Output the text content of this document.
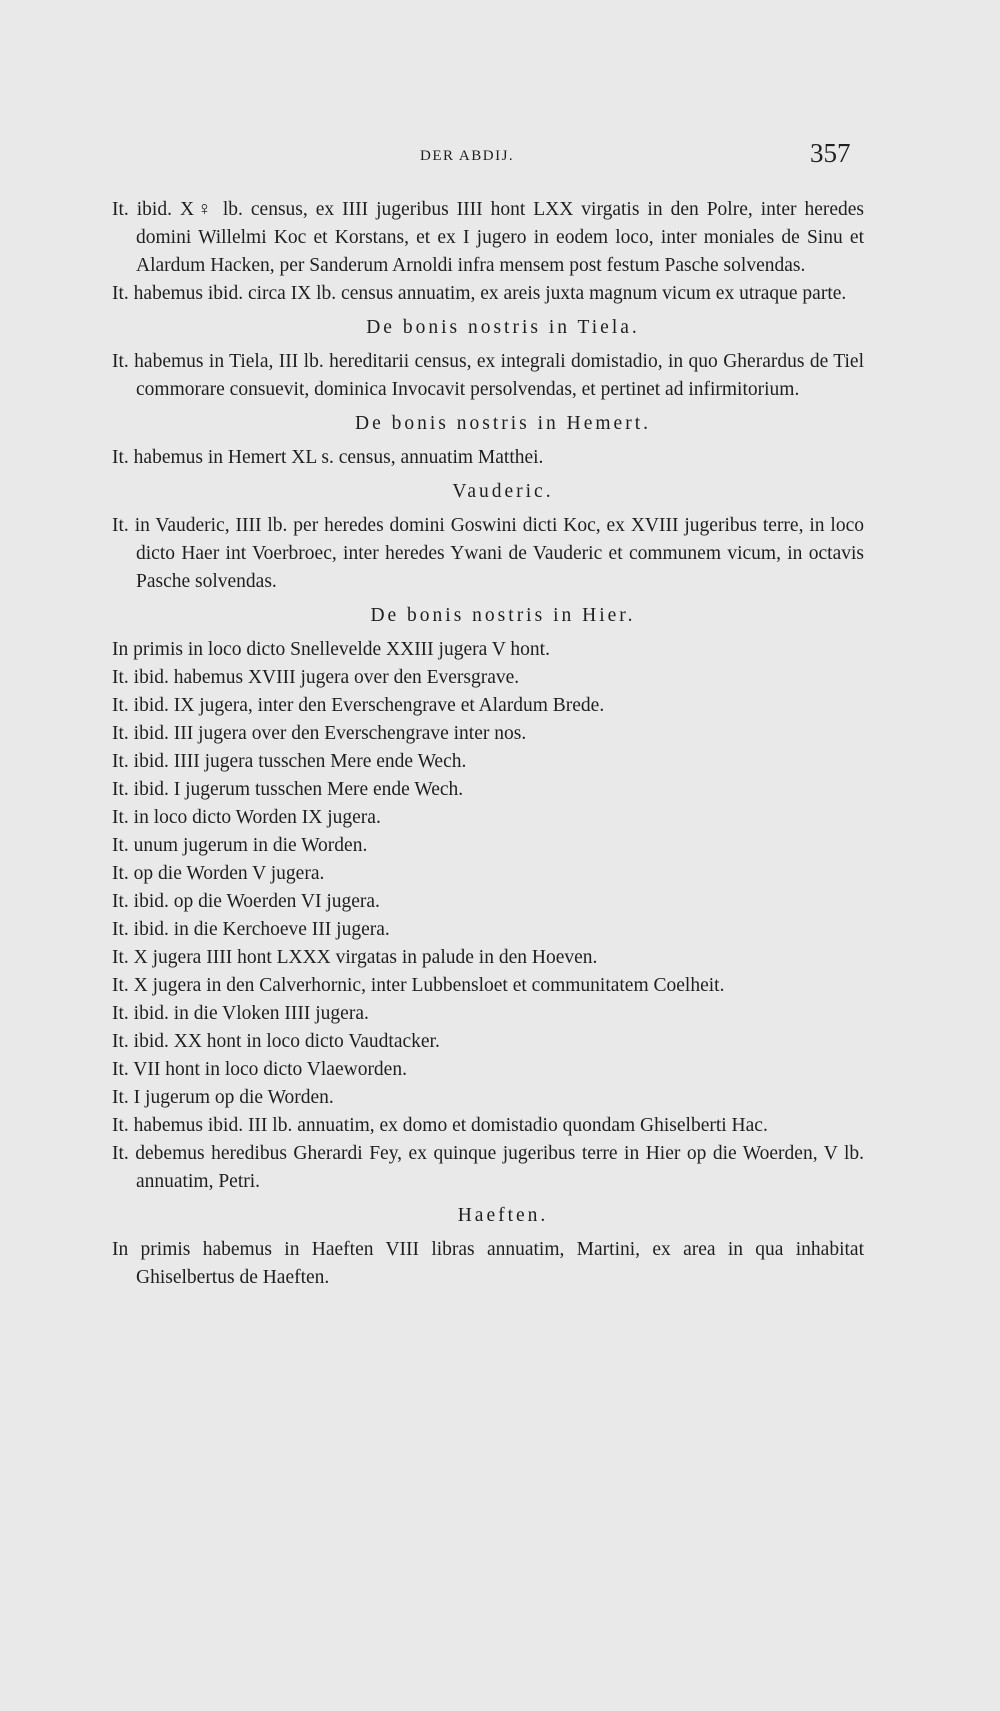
DER ABDIJ.	357

It. ibid. X♀ lb. census, ex IIII jugeribus IIII hont LXX virgatis in den Polre, inter heredes domini Willelmi Koc et Korstans, et ex I jugero in eodem loco, inter moniales de Sinu et Alardum Hacken, per Sanderum Arnoldi infra mensem post festum Pasche solvendas.

It. habemus ibid. circa IX lb. census annuatim, ex areis juxta magnum vicum ex utraque parte.

De bonis nostris in Tiela.

It. habemus in Tiela, III lb. hereditarii census, ex integrali domistadio, in quo Gherardus de Tiel commorare consuevit, dominica Invocavit persolvendas, et pertinet ad infirmitorium.

De bonis nostris in Hemert.

It. habemus in Hemert XL s. census, annuatim Matthei.

Vauderic.

It. in Vauderic, IIII lb. per heredes domini Goswini dicti Koc, ex XVIII jugeribus terre, in loco dicto Haer int Voerbroec, inter heredes Ywani de Vauderic et communem vicum, in octavis Pasche solvendas.

De bonis nostris in Hier.

In primis in loco dicto Snellevelde XXIII jugera V hont.

It. ibid. habemus XVIII jugera over den Eversgrave.

It. ibid. IX jugera, inter den Everschengrave et Alardum Brede.

It. ibid. III jugera over den Everschengrave inter nos.

It. ibid. IIII jugera tusschen Mere ende Wech.

It. ibid. I jugerum tusschen Mere ende Wech.

It. in loco dicto Worden IX jugera.

It. unum jugerum in die Worden.

It. op die Worden V jugera.

It. ibid. op die Woerden VI jugera.

It. ibid. in die Kerchoeve III jugera.

It. X jugera IIII hont LXXX virgatas in palude in den Hoeven.

It. X jugera in den Calverhornic, inter Lubbensloet et communitatem Coelheit.

It. ibid. in die Vloken IIII jugera.

It. ibid. XX hont in loco dicto Vaudtacker.

It. VII hont in loco dicto Vlaeworden.

It. I jugerum op die Worden.

It. habemus ibid. III lb. annuatim, ex domo et domistadio quondam Ghiselberti Hac.

It. debemus heredibus Gherardi Fey, ex quinque jugeribus terre in Hier op die Woerden, V lb. annuatim, Petri.

Haeften.

In primis habemus in Haeften VIII libras annuatim, Martini, ex area in qua inhabitat Ghiselbertus de Haeften.
